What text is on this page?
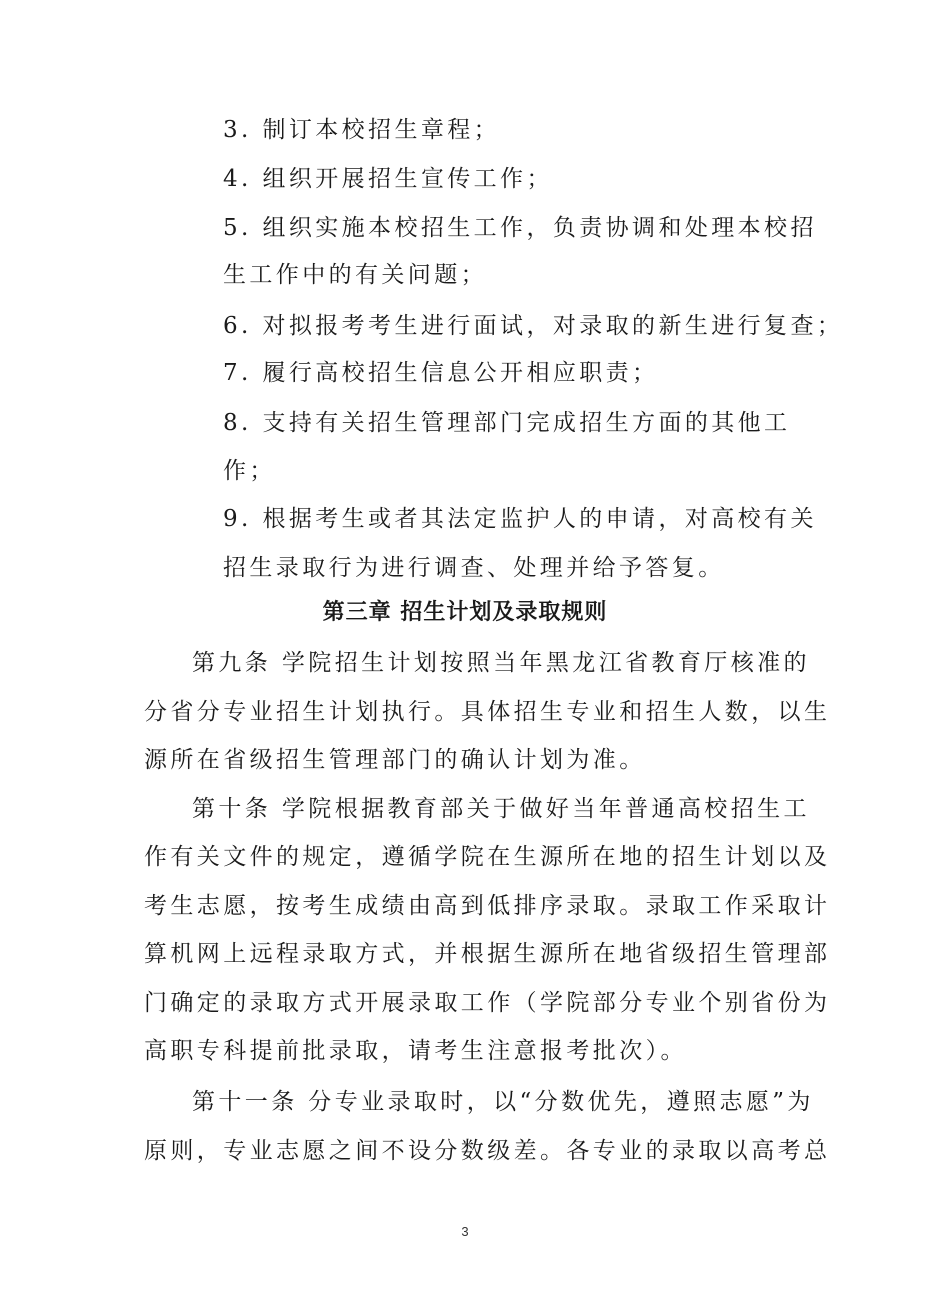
3. 制订本校招生章程；
4. 组织开展招生宣传工作；
5. 组织实施本校招生工作，负责协调和处理本校招
生工作中的有关问题；
6. 对拟报考考生进行面试，对录取的新生进行复查；
7. 履行高校招生信息公开相应职责；
8. 支持有关招生管理部门完成招生方面的其他工
作；
9. 根据考生或者其法定监护人的申请，对高校有关
招生录取行为进行调查、处理并给予答复。
第三章 招生计划及录取规则
第九条 学院招生计划按照当年黑龙江省教育厅核准的
分省分专业招生计划执行。具体招生专业和招生人数，以生
源所在省级招生管理部门的确认计划为准。
第十条 学院根据教育部关于做好当年普通高校招生工
作有关文件的规定，遵循学院在生源所在地的招生计划以及
考生志愿，按考生成绩由高到低排序录取。录取工作采取计
算机网上远程录取方式，并根据生源所在地省级招生管理部
门确定的录取方式开展录取工作（学院部分专业个别省份为
高职专科提前批录取，请考生注意报考批次）。
第十一条 分专业录取时，以“分数优先，遵照志愿”为
原则，专业志愿之间不设分数级差。各专业的录取以高考总
3
